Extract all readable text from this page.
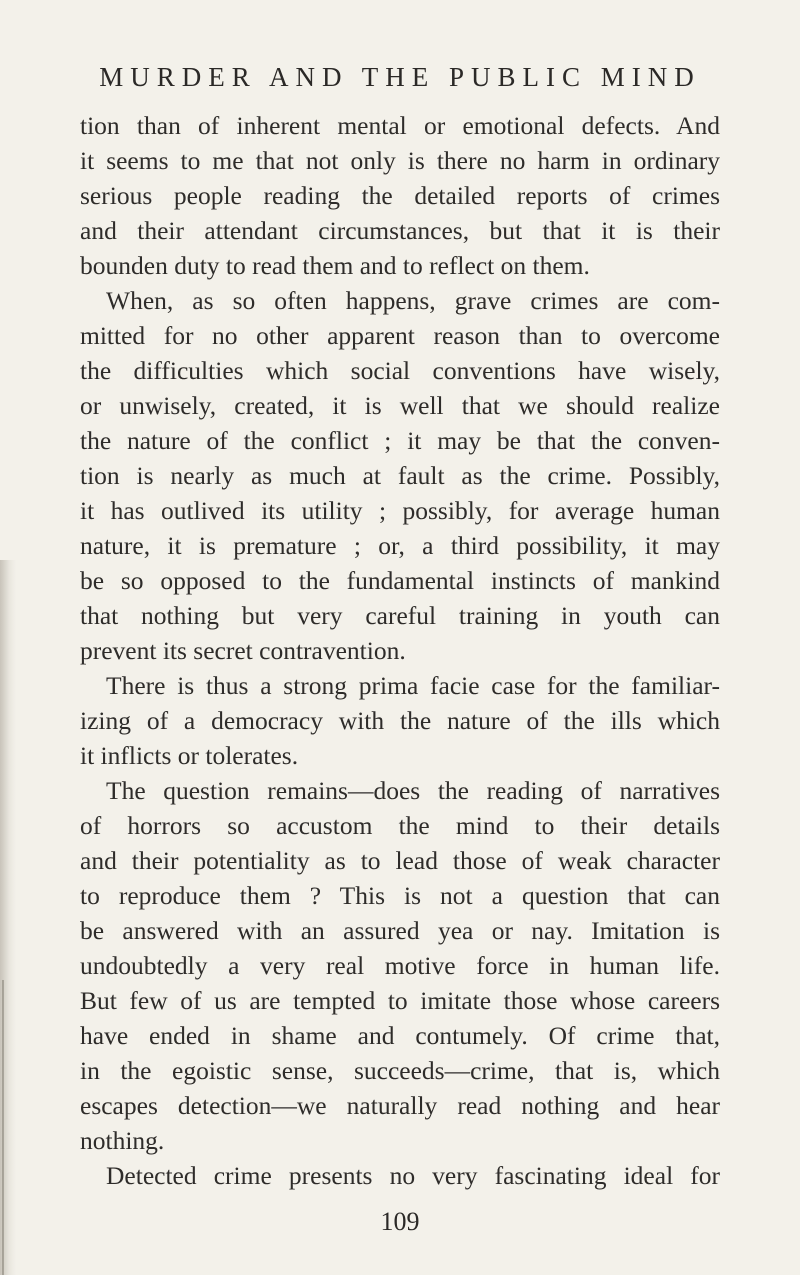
MURDER AND THE PUBLIC MIND
tion than of inherent mental or emotional defects. And
it seems to me that not only is there no harm in ordinary
serious people reading the detailed reports of crimes
and their attendant circumstances, but that it is their
bounden duty to read them and to reflect on them.
When, as so often happens, grave crimes are com-
mitted for no other apparent reason than to overcome
the difficulties which social conventions have wisely,
or unwisely, created, it is well that we should realize
the nature of the conflict ; it may be that the conven-
tion is nearly as much at fault as the crime. Possibly,
it has outlived its utility ; possibly, for average human
nature, it is premature ; or, a third possibility, it may
be so opposed to the fundamental instincts of mankind
that nothing but very careful training in youth can
prevent its secret contravention.
There is thus a strong prima facie case for the familiar-
izing of a democracy with the nature of the ills which
it inflicts or tolerates.
The question remains—does the reading of narratives
of horrors so accustom the mind to their details
and their potentiality as to lead those of weak character
to reproduce them ? This is not a question that can
be answered with an assured yea or nay. Imitation is
undoubtedly a very real motive force in human life.
But few of us are tempted to imitate those whose careers
have ended in shame and contumely. Of crime that,
in the egoistic sense, succeeds—crime, that is, which
escapes detection—we naturally read nothing and hear
nothing.
Detected crime presents no very fascinating ideal for
109
